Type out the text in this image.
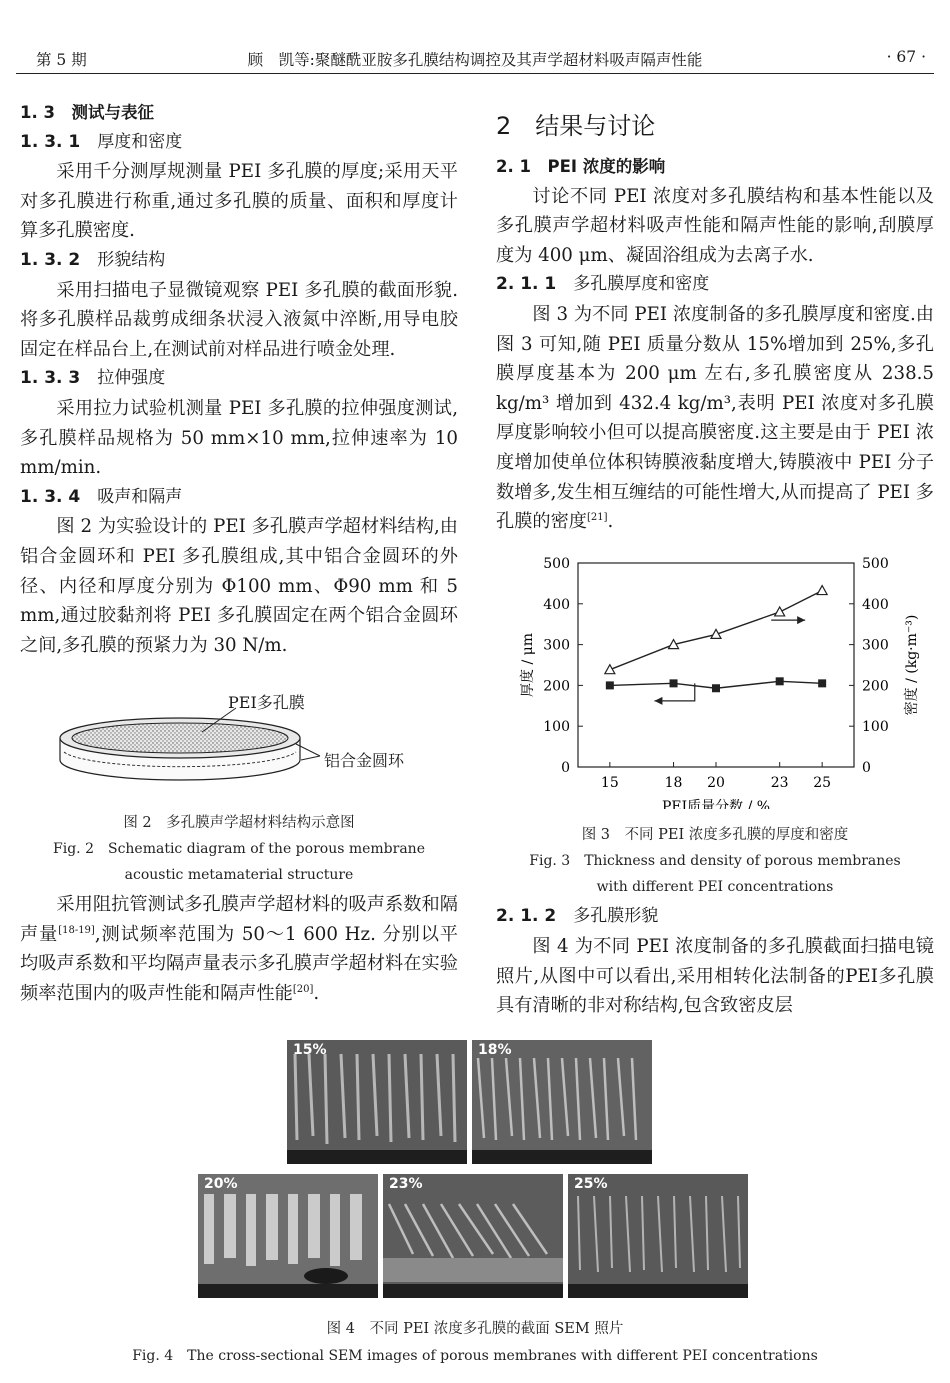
第 5 期	顾　凯等:聚醚酰亚胺多孔膜结构调控及其声学超材料吸声隔声性能	· 67 ·
1. 3　测试与表征
1. 3. 1　 厚度和密度

采用千分测厚规测量 PEI 多孔膜的厚度;采用天平对多孔膜进行称重,通过多孔膜的质量、面积和厚度计算多孔膜密度.

1. 3. 2　 形貌结构

采用扫描电子显微镜观察 PEI 多孔膜的截面形貌.将多孔膜样品裁剪成细条状浸入液氮中淬断,用导电胶固定在样品台上,在测试前对样品进行喷金处理.

1. 3. 3　 拉伸强度

采用拉力试验机测量 PEI 多孔膜的拉伸强度测试,多孔膜样品规格为 50 mm×10 mm,拉伸速率为 10 mm/min.

1. 3. 4　 吸声和隔声

图 2 为实验设计的 PEI 多孔膜声学超材料结构,由铝合金圆环和 PEI 多孔膜组成,其中铝合金圆环的外径、内径和厚度分别为 Φ100 mm、Φ90 mm 和 5 mm,通过胶黏剂将 PEI 多孔膜固定在两个铝合金圆环之间,多孔膜的预紧力为 30 N/m.

PEI多孔膜
铝合金圆环
图 2　多孔膜声学超材料结构示意图
Fig. 2　Schematic diagram of the porous membrane acoustic metamaterial structure

采用阻抗管测试多孔膜声学超材料的吸声系数和隔声量[18-19],测试频率范围为 50～1 600 Hz. 分别以平均吸声系数和平均隔声量表示多孔膜声学超材料在实验频率范围内的吸声性能和隔声性能[20].

2　结果与讨论
2. 1　PEI 浓度的影响

讨论不同 PEI 浓度对多孔膜结构和基本性能以及多孔膜声学超材料吸声性能和隔声性能的影响,刮膜厚度为 400 μm、凝固浴组成为去离子水.

2. 1. 1　 多孔膜厚度和密度

图 3 为不同 PEI 浓度制备的多孔膜厚度和密度.由图 3 可知,随 PEI 质量分数从 15%增加到 25%,多孔膜厚度基本为 200 μm 左右,多孔膜密度从 238.5 kg/m³ 增加到 432.4 kg/m³,表明 PEI 浓度对多孔膜厚度影响较小但可以提高膜密度.这主要是由于 PEI 浓度增加使单位体积铸膜液黏度增大,铸膜液中 PEI 分子数增多,发生相互缠结的可能性增大,从而提高了 PEI 多孔膜的密度[21].

0	0
100	100
200	200
300	300
400	400
500	500
15	18 20	23 25
PEI质量分数 / %
厚度 / μm	密度 / (kg·m⁻³)
图 3　不同 PEI 浓度多孔膜的厚度和密度
Fig. 3　Thickness and density of porous membranes with different PEI concentrations
2. 1. 2　 多孔膜形貌

图 4 为不同 PEI 浓度制备的多孔膜截面扫描电镜照片,从图中可以看出,采用相转化法制备的PEI多孔膜具有清晰的非对称结构,包含致密皮层

15%	18%
20%	23%	25%
图 4　不同 PEI 浓度多孔膜的截面 SEM 照片
Fig. 4　The cross-sectional SEM images of porous membranes with different PEI concentrations
